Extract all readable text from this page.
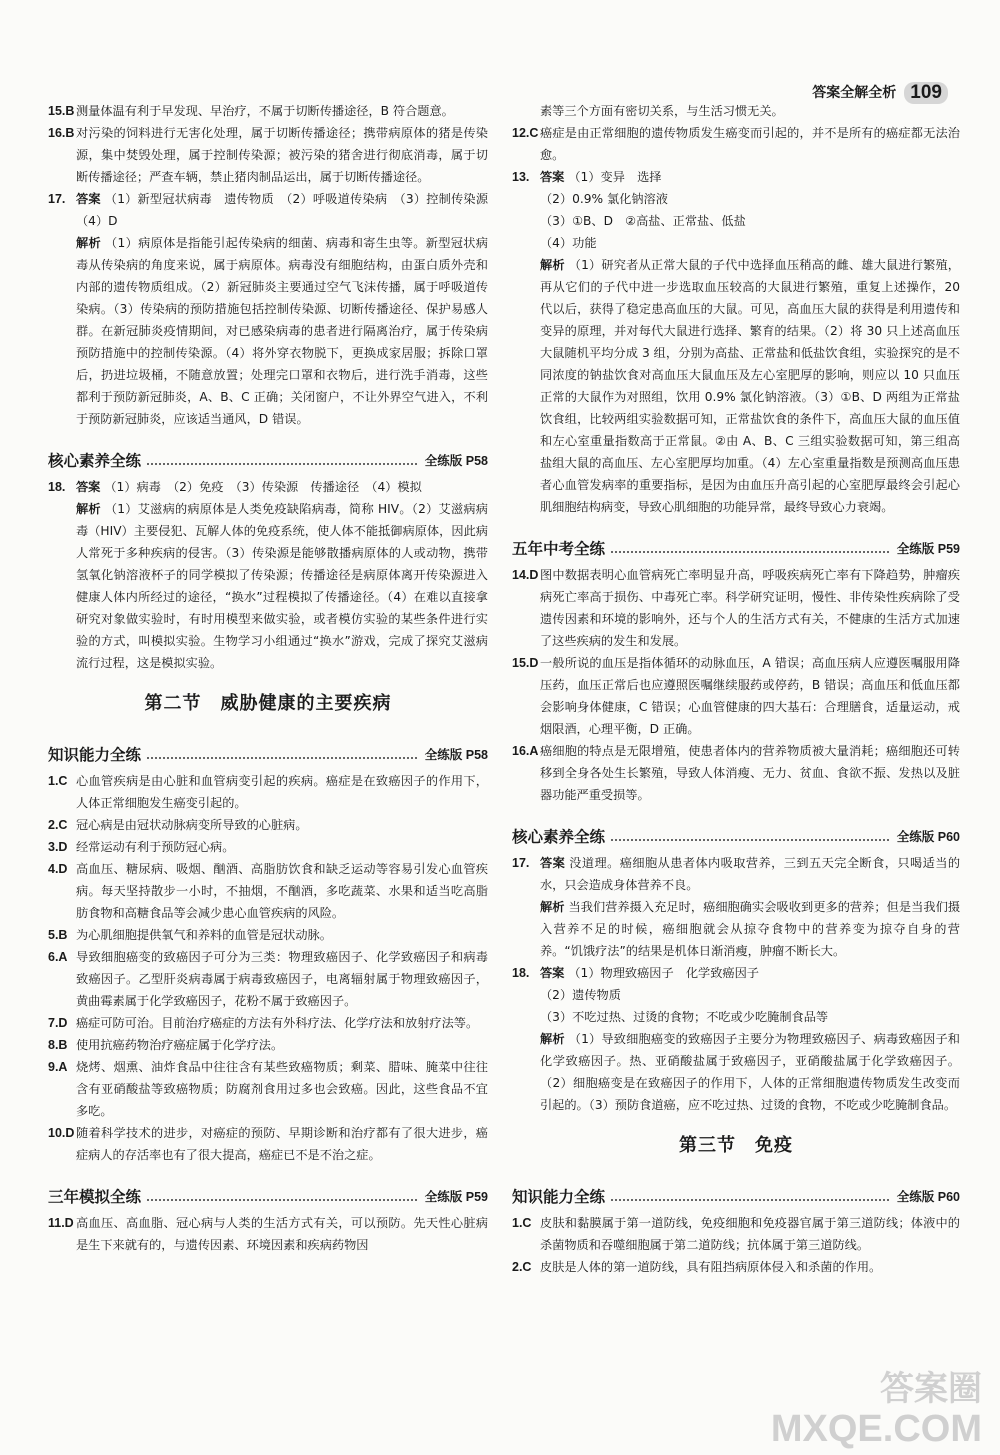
答案全解全析 109
15.B 测量体温有利于早发现、早治疗，不属于切断传播途径，B 符合题意。
16.B 对污染的饲料进行无害化处理，属于切断传播途径；携带病原体的猪是传染源，集中焚毁处理，属于控制传染源；被污染的猪舍进行彻底消毒，属于切断传播途径；严查车辆，禁止猪肉制品运出，属于切断传播途径。
17. 答案 （1）新型冠状病毒　遗传物质　（2）呼吸道传染病　（3）控制传染源　（4）D
解析 （1）病原体是指能引起传染病的细菌、病毒和寄生虫等。新型冠状病毒从传染病的角度来说，属于病原体。病毒没有细胞结构，由蛋白质外壳和内部的遗传物质组成。（2）新冠肺炎主要通过空气飞沫传播，属于呼吸道传染病。（3）传染病的预防措施包括控制传染源、切断传播途径、保护易感人群。在新冠肺炎疫情期间，对已感染病毒的患者进行隔离治疗，属于传染病预防措施中的控制传染源。（4）将外穿衣物脱下，更换成家居服；拆除口罩后，扔进垃圾桶，不随意放置；处理完口罩和衣物后，进行洗手消毒，这些都利于预防新冠肺炎，A、B、C 正确；关闭窗户，不让外界空气进入，不利于预防新冠肺炎，应该适当通风，D 错误。
核心素养全练	全练版 P58
18. 答案 （1）病毒　（2）免疫　（3）传染源　传播途径　（4）模拟
解析 （1）艾滋病的病原体是人类免疫缺陷病毒，简称 HIV。（2）艾滋病病毒（HIV）主要侵犯、瓦解人体的免疫系统，使人体不能抵御病原体，因此病人常死于多种疾病的侵害。（3）传染源是能够散播病原体的人或动物，携带氢氧化钠溶液杯子的同学模拟了传染源；传播途径是病原体离开传染源进入健康人体内所经过的途径，“换水”过程模拟了传播途径。（4）在难以直接拿研究对象做实验时，有时用模型来做实验，或者模仿实验的某些条件进行实验的方式，叫模拟实验。生物学习小组通过“换水”游戏，完成了探究艾滋病流行过程，这是模拟实验。
第二节　威胁健康的主要疾病
知识能力全练	全练版 P58
1.C 心血管疾病是由心脏和血管病变引起的疾病。癌症是在致癌因子的作用下，人体正常细胞发生癌变引起的。
2.C 冠心病是由冠状动脉病变所导致的心脏病。
3.D 经常运动有利于预防冠心病。
4.D 高血压、糖尿病、吸烟、酗酒、高脂肪饮食和缺乏运动等容易引发心血管疾病。每天坚持散步一小时，不抽烟，不酗酒，多吃蔬菜、水果和适当吃高脂肪食物和高糖食品等会减少患心血管疾病的风险。
5.B 为心肌细胞提供氧气和养料的血管是冠状动脉。
6.A 导致细胞癌变的致癌因子可分为三类：物理致癌因子、化学致癌因子和病毒致癌因子。乙型肝炎病毒属于病毒致癌因子，电离辐射属于物理致癌因子，黄曲霉素属于化学致癌因子，花粉不属于致癌因子。
7.D 癌症可防可治。目前治疗癌症的方法有外科疗法、化学疗法和放射疗法等。
8.B 使用抗癌药物治疗癌症属于化学疗法。
9.A 烧烤、烟熏、油炸食品中往往含有某些致癌物质；剩菜、腊味、腌菜中往往含有亚硝酸盐等致癌物质；防腐剂食用过多也会致癌。因此，这些食品不宜多吃。
10.D 随着科学技术的进步，对癌症的预防、早期诊断和治疗都有了很大进步，癌症病人的存活率也有了很大提高，癌症已不是不治之症。
三年模拟全练	全练版 P59
11.D 高血压、高血脂、冠心病与人类的生活方式有关，可以预防。先天性心脏病是生下来就有的，与遗传因素、环境因素和疾病药物因
素等三个方面有密切关系，与生活习惯无关。
12.C 癌症是由正常细胞的遗传物质发生癌变而引起的，并不是所有的癌症都无法治愈。
13. 答案 （1）变异　选择
（2）0.9% 氯化钠溶液
（3）①B、D　②高盐、正常盐、低盐
（4）功能
解析 （1）研究者从正常大鼠的子代中选择血压稍高的雌、雄大鼠进行繁殖，再从它们的子代中进一步选取血压较高的大鼠进行繁殖，重复上述操作，20 代以后，获得了稳定患高血压的大鼠。可见，高血压大鼠的获得是利用遗传和变异的原理，并对每代大鼠进行选择、繁育的结果。（2）将 30 只上述高血压大鼠随机平均分成 3 组，分别为高盐、正常盐和低盐饮食组，实验探究的是不同浓度的钠盐饮食对高血压大鼠血压及左心室肥厚的影响，则应以 10 只血压正常的大鼠作为对照组，饮用 0.9% 氯化钠溶液。（3）①B、D 两组为正常盐饮食组，比较两组实验数据可知，正常盐饮食的条件下，高血压大鼠的血压值和左心室重量指数高于正常鼠。②由 A、B、C 三组实验数据可知，第三组高盐组大鼠的高血压、左心室肥厚均加重。（4）左心室重量指数是预测高血压患者心血管发病率的重要指标，是因为由血压升高引起的心室肥厚最终会引起心肌细胞结构病变，导致心肌细胞的功能异常，最终导致心力衰竭。
五年中考全练	全练版 P59
14.D 图中数据表明心血管病死亡率明显升高，呼吸疾病死亡率有下降趋势，肿瘤疾病死亡率高于损伤、中毒死亡率。科学研究证明，慢性、非传染性疾病除了受遗传因素和环境的影响外，还与个人的生活方式有关，不健康的生活方式加速了这些疾病的发生和发展。
15.D 一般所说的血压是指体循环的动脉血压，A 错误；高血压病人应遵医嘱服用降压药，血压正常后也应遵照医嘱继续服药或停药，B 错误；高血压和低血压都会影响身体健康，C 错误；心血管健康的四大基石：合理膳食，适量运动，戒烟限酒，心理平衡，D 正确。
16.A 癌细胞的特点是无限增殖，使患者体内的营养物质被大量消耗；癌细胞还可转移到全身各处生长繁殖，导致人体消瘦、无力、贫血、食欲不振、发热以及脏器功能严重受损等。
核心素养全练	全练版 P60
17. 答案 没道理。癌细胞从患者体内吸取营养，三到五天完全断食，只喝适当的水，只会造成身体营养不良。
解析 当我们营养摄入充足时，癌细胞确实会吸收到更多的营养；但是当我们摄入营养不足的时候，癌细胞就会从掠夺食物中的营养变为掠夺自身的营养。“饥饿疗法”的结果是机体日渐消瘦，肿瘤不断长大。
18. 答案 （1）物理致癌因子　化学致癌因子
（2）遗传物质
（3）不吃过热、过烫的食物；不吃或少吃腌制食品等
解析 （1）导致细胞癌变的致癌因子主要分为物理致癌因子、病毒致癌因子和化学致癌因子。热、亚硝酸盐属于致癌因子，亚硝酸盐属于化学致癌因子。（2）细胞癌变是在致癌因子的作用下，人体的正常细胞遗传物质发生改变而引起的。（3）预防食道癌，应不吃过热、过烫的食物，不吃或少吃腌制食品。
第三节　免疫
知识能力全练	全练版 P60
1.C 皮肤和黏膜属于第一道防线，免疫细胞和免疫器官属于第三道防线；体液中的杀菌物质和吞噬细胞属于第二道防线；抗体属于第三道防线。
2.C 皮肤是人体的第一道防线，具有阻挡病原体侵入和杀菌的作用。
答案圈
MXQE.COM
